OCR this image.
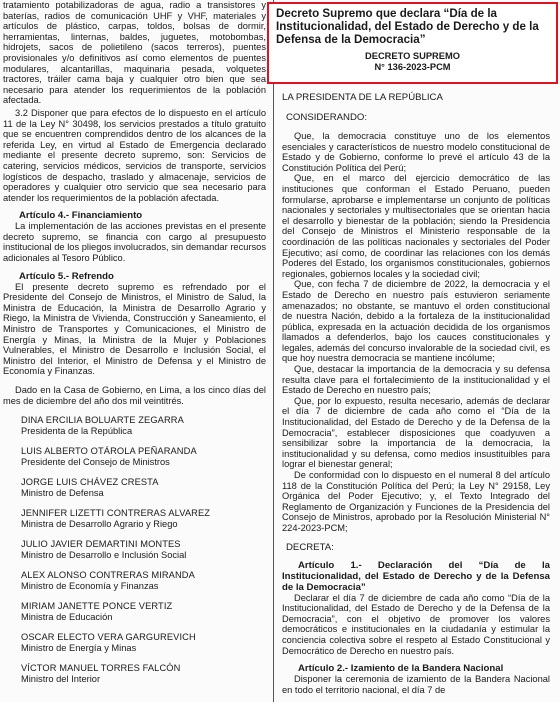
tratamiento potabilizadoras de agua, radio a transistores y baterías, radios de comunicación UHF y VHF, materiales y artículos de plástico, carpas, toldos, bolsas de dormir, herramientas, linternas, baldes, juguetes, motobombas, hidrojets, sacos de polietileno (sacos terreros), puentes provisionales y/o definitivos así como elementos de puentes modulares, alcantarillas, maquinaria pesada, volquetes tractores, tráiler cama baja y cualquier otro bien que sea necesario para atender los requerimientos de la población afectada.

3.2 Disponer que para efectos de lo dispuesto en el artículo 11 de la Ley N° 30498, los servicios prestados a título gratuito que se encuentren comprendidos dentro de los alcances de la referida Ley, en virtud al Estado de Emergencia declarado mediante el presente decreto supremo, son: Servicios de catering, servicios médicos, servicios de transporte, servicios logísticos de despacho, traslado y almacenaje, servicios de operadores y cualquier otro servicio que sea necesario para atender los requerimientos de la población afectada.

Artículo 4.- Financiamiento

La implementación de las acciones previstas en el presente decreto supremo, se financia con cargo al presupuesto institucional de los pliegos involucrados, sin demandar recursos adicionales al Tesoro Público.

Artículo 5.- Refrendo

El presente decreto supremo es refrendado por el Presidente del Consejo de Ministros, el Ministro de Salud, la Ministra de Educación, la Ministra de Desarrollo Agrario y Riego, la Ministra de Vivienda, Construcción y Saneamiento, el Ministro de Transportes y Comunicaciones, el Ministro de Energía y Minas, la Ministra de la Mujer y Poblaciones Vulnerables, el Ministro de Desarrollo e Inclusión Social, el Ministro del Interior, el Ministro de Defensa y el Ministro de Economía y Finanzas.

Dado en la Casa de Gobierno, en Lima, a los cinco días del mes de diciembre del año dos mil veintitrés.

DINA ERCILIA BOLUARTE ZEGARRA
Presidenta de la República
LUIS ALBERTO OTÁROLA PEÑARANDA
Presidente del Consejo de Ministros
JORGE LUIS CHÁVEZ CRESTA
Ministro de Defensa
JENNIFER LIZETTI CONTRERAS ALVAREZ
Ministra de Desarrollo Agrario y Riego
JULIO JAVIER DEMARTINI MONTES
Ministro de Desarrollo e Inclusión Social
ALEX ALONSO CONTRERAS MIRANDA
Ministro de Economía y Finanzas
MIRIAM JANETTE PONCE VERTIZ
Ministra de Educación
OSCAR ELECTO VERA GARGUREVICH
Ministro de Energía y Minas
VÍCTOR MANUEL TORRES FALCÓN
Ministro del Interior
Decreto Supremo que declara “Día de la Institucionalidad, del Estado de Derecho y de la Defensa de la Democracia”
DECRETO SUPREMO
N° 136-2023-PCM
LA PRESIDENTA DE LA REPÚBLICA
CONSIDERANDO:

Que, la democracia constituye uno de los elementos esenciales y característicos de nuestro modelo constitucional de Estado y de Gobierno, conforme lo prevé el artículo 43 de la Constitución Política del Perú;

Que, en el marco del ejercicio democrático de las instituciones que conforman el Estado Peruano, pueden formularse, aprobarse e implementarse un conjunto de políticas nacionales y sectoriales y multisectoriales que se orientan hacia el desarrollo y bienestar de la población; siendo la Presidencia del Consejo de Ministros el Ministerio responsable de la coordinación de las políticas nacionales y sectoriales del Poder Ejecutivo; así como, de coordinar las relaciones con los demás Poderes del Estado, los organismos constitucionales, gobiernos regionales, gobiernos locales y la sociedad civil;

Que, con fecha 7 de diciembre de 2022, la democracia y el Estado de Derecho en nuestro país estuvieron seriamente amenazados; no obstante, se mantuvo el orden constitucional de nuestra Nación, debido a la fortaleza de la institucionalidad pública, expresada en la actuación decidida de los organismos llamados a defenderlos, bajo los cauces constitucionales y legales, además del concurso invalorable de la sociedad civil, es que hoy nuestra democracia se mantiene incólume;

Que, destacar la importancia de la democracia y su defensa resulta clave para el fortalecimiento de la institucionalidad y el Estado de Derecho en nuestro país;

Que, por lo expuesto, resulta necesario, además de declarar el día 7 de diciembre de cada año como el “Día de la Institucionalidad, del Estado de Derecho y de la Defensa de la Democracia”, establecer disposiciones que coadyuven a sensibilizar sobre la importancia de la democracia, la institucionalidad y su defensa, como medios insustituibles para lograr el bienestar general;

De conformidad con lo dispuesto en el numeral 8 del artículo 118 de la Constitución Política del Perú; la Ley N° 29158, Ley Orgánica del Poder Ejecutivo; y, el Texto Integrado del Reglamento de Organización y Funciones de la Presidencia del Consejo de Ministros, aprobado por la Resolución Ministerial N° 224-2023-PCM;

DECRETA:
Artículo 1.- Declaración del “Día de la Institucionalidad, del Estado de Derecho y de la Defensa de la Democracia”

Declarar el día 7 de diciembre de cada año como “Día de la Institucionalidad, del Estado de Derecho y de la Defensa de la Democracia”, con el objetivo de promover los valores democráticos e institucionales en la ciudadanía y estimular la conciencia colectiva sobre el respeto al Estado Constitucional y Democrático de Derecho en nuestro país.

Artículo 2.- Izamiento de la Bandera Nacional

Disponer la ceremonia de izamiento de la Bandera Nacional en todo el territorio nacional, el día 7 de
